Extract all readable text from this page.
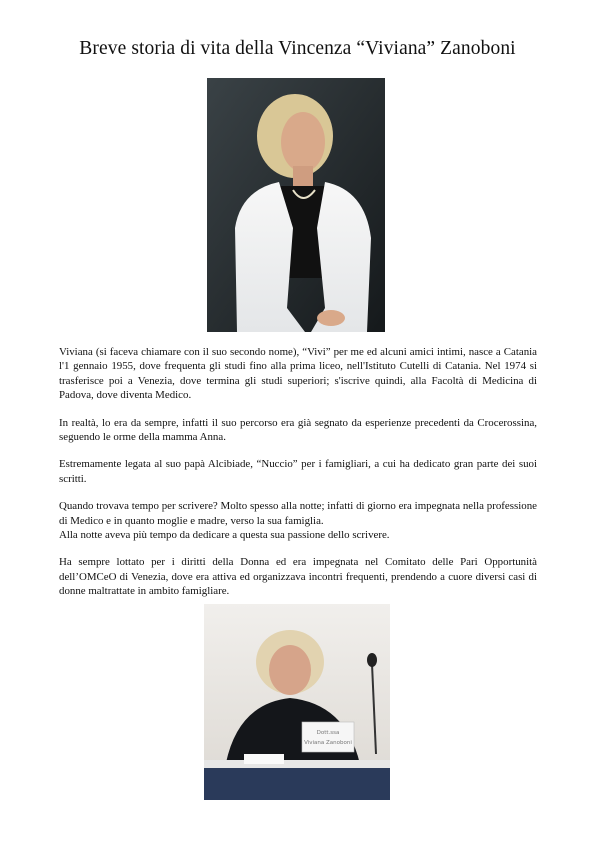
Breve storia di vita della Vincenza “Viviana” Zanoboni

Viviana (si faceva chiamare con il suo secondo nome), “Vivi” per me ed alcuni amici intimi, nasce a Catania l'1 gennaio 1955, dove frequenta gli studi fino alla prima liceo, nell'Istituto Cutelli di Catania. Nel 1974 si trasferisce poi a Venezia, dove termina gli studi superiori; s'iscrive quindi, alla Facoltà di Medicina di Padova, dove diventa Medico.

In realtà, lo era da sempre, infatti il suo percorso era già segnato da esperienze precedenti da Crocerossina, seguendo le orme della mamma Anna.

Estremamente legata al suo papà Alcibiade, “Nuccio” per i famigliari, a cui ha dedicato gran parte dei suoi scritti.

Quando trovava tempo per scrivere? Molto spesso alla notte; infatti di giorno era impegnata nella professione di Medico e in quanto moglie e madre, verso la sua famiglia.
Alla notte aveva più tempo da dedicare a questa sua passione dello scrivere.

Ha sempre lottato per i diritti della Donna ed era impegnata nel Comitato delle Pari Opportunità dell’OMCeO di Venezia, dove era attiva ed organizzava incontri frequenti, prendendo a cuore diversi casi di donne maltrattate in ambito famigliare.

Dott.ssa
Viviana Zanoboni
